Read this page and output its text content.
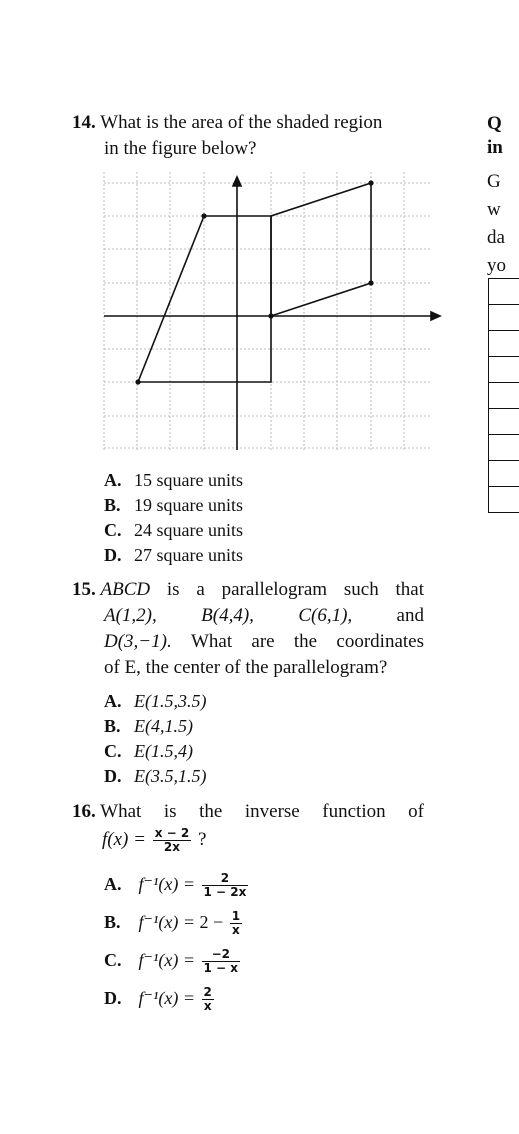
14. What is the area of the shaded region
in the figure below?
A. 15 square units
B. 19 square units
C. 24 square units
D. 27 square units
15. ABCD is a parallelogram such that
A(1,2), B(4,4), C(6,1), and
D(3,−1). What are the coordinates
of E, the center of the parallelogram?
A. E(1.5,3.5)
B. E(4,1.5)
C. E(1.5,4)
D. E(3.5,1.5)
16. What is the inverse function of
$f(x) = \frac{x - 2}{2x}$ ?
A. $f^{-1}(x) = \frac{2}{1 - 2x}$
B. $f^{-1}(x) = 2 - \frac{1}{x}$
C. $f^{-1}(x) = \frac{-2}{1 - x}$
D. $f^{-1}(x) = \frac{2}{x}$
Q
in
G
w
da
yo
